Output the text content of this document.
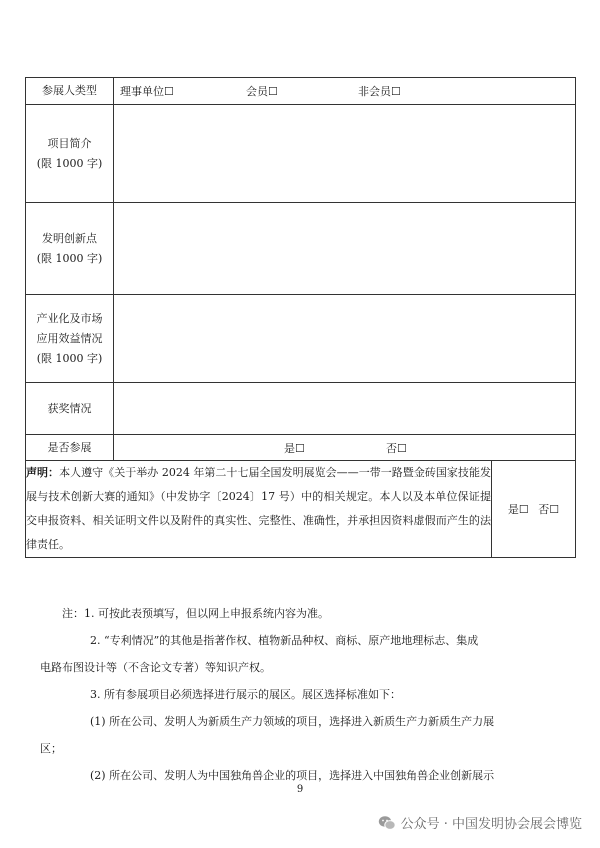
参展人类型	理事单位☐ 会员☐ 非会员☐	

项目简介
(限 1000 字)		

发明创新点
(限 1000 字)		

产业化及市场
应用效益情况
(限 1000 字)		

获奖情况		
是否参展	是☐ 否☐	

声明：本人遵守《关于举办 2024 年第二十七届全国发明展览会——一带一路暨金砖国家技能发展与技术创新大赛的通知》（中发协字〔2024〕17 号）中的相关规定。本人以及本单位保证提交申报资料、相关证明文件以及附件的真实性、完整性、准确性，并承担因资料虚假而产生的法律责任。		是☐ 否☐

注：1. 可按此表预填写，但以网上申报系统内容为准。

2. “专利情况”的其他是指著作权、植物新品种权、商标、原产地地理标志、集成

电路布图设计等（不含论文专著）等知识产权。

3. 所有参展项目必须选择进行展示的展区。展区选择标准如下：

(1) 所在公司、发明人为新质生产力领域的项目，选择进入新质生产力新质生产力展

区；

(2) 所在公司、发明人为中国独角兽企业的项目，选择进入中国独角兽企业创新展示

9
公众号 · 中国发明协会展会博览
